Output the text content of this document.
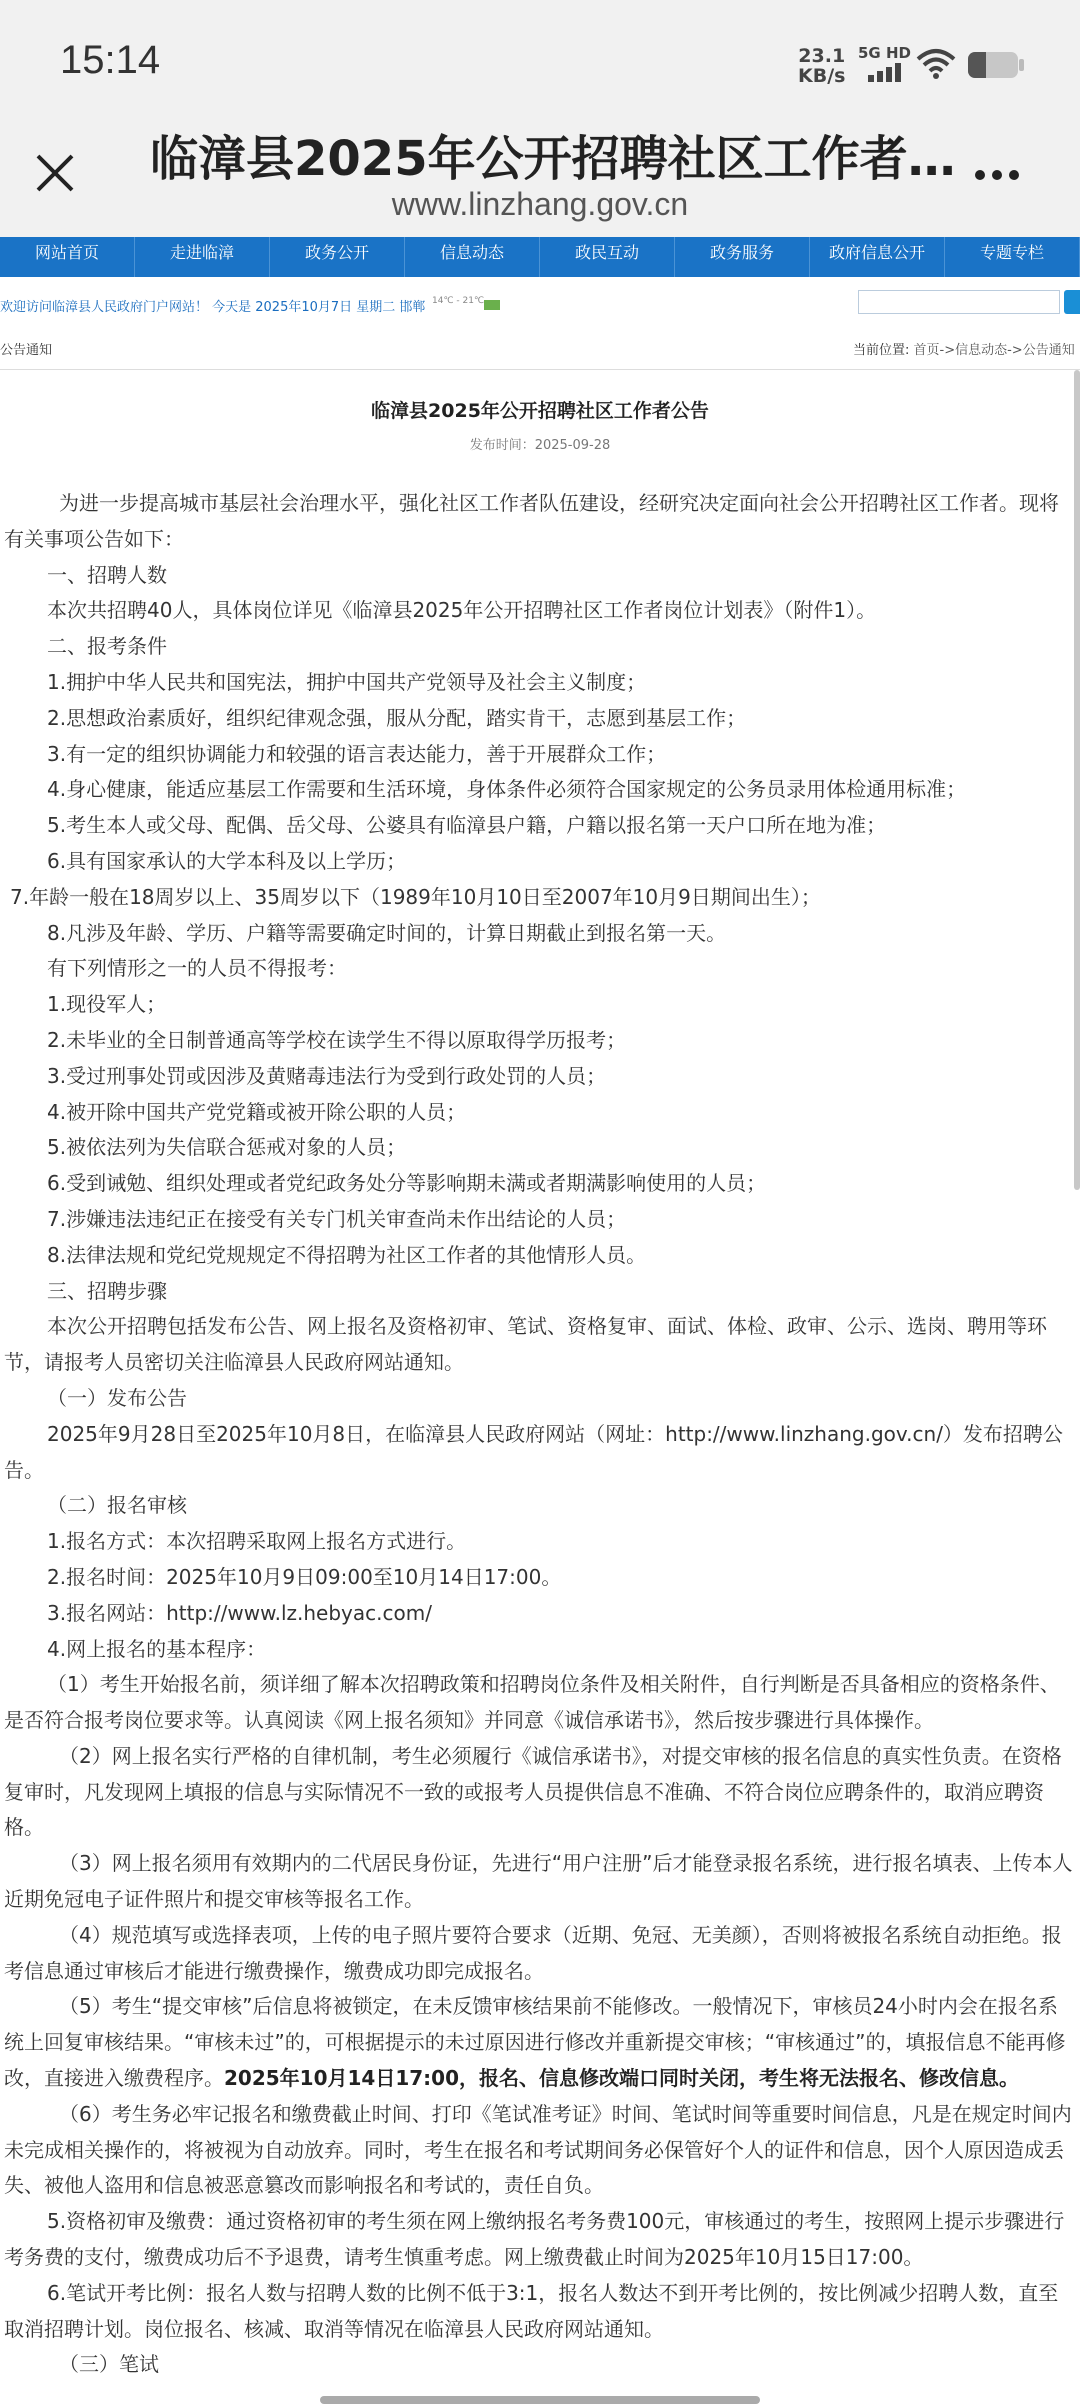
15:14	23.1
KB/s
5G HD
临漳县2025年公开招聘社区工作者…
www.linzhang.gov.cn
网站首页	走进临漳	政务公开	信息动态	政民互动	政务服务	政府信息公开	专题专栏
欢迎访问临漳县人民政府门户网站！ 今天是 2025年10月7日 星期二 邯郸 14℃ - 21℃
公告通知	当前位置: 首页->信息动态->公告通知
临漳县2025年公开招聘社区工作者公告
发布时间：2025-09-28

为进一步提高城市基层社会治理水平，强化社区工作者队伍建设，经研究决定面向社会公开招聘社区工作者。现将有关事项公告如下：

一、招聘人数

本次共招聘40人，具体岗位详见《临漳县2025年公开招聘社区工作者岗位计划表》（附件1）。

二、报考条件

1.拥护中华人民共和国宪法，拥护中国共产党领导及社会主义制度；

2.思想政治素质好，组织纪律观念强，服从分配，踏实肯干，志愿到基层工作；

3.有一定的组织协调能力和较强的语言表达能力，善于开展群众工作；

4.身心健康，能适应基层工作需要和生活环境，身体条件必须符合国家规定的公务员录用体检通用标准；

5.考生本人或父母、配偶、岳父母、公婆具有临漳县户籍，户籍以报名第一天户口所在地为准；

6.具有国家承认的大学本科及以上学历；

7.年龄一般在18周岁以上、35周岁以下（1989年10月10日至2007年10月9日期间出生）；

8.凡涉及年龄、学历、户籍等需要确定时间的，计算日期截止到报名第一天。

有下列情形之一的人员不得报考：

1.现役军人；

2.未毕业的全日制普通高等学校在读学生不得以原取得学历报考；

3.受过刑事处罚或因涉及黄赌毒违法行为受到行政处罚的人员；

4.被开除中国共产党党籍或被开除公职的人员；

5.被依法列为失信联合惩戒对象的人员；

6.受到诫勉、组织处理或者党纪政务处分等影响期未满或者期满影响使用的人员；

7.涉嫌违法违纪正在接受有关专门机关审查尚未作出结论的人员；

8.法律法规和党纪党规规定不得招聘为社区工作者的其他情形人员。

三、招聘步骤

本次公开招聘包括发布公告、网上报名及资格初审、笔试、资格复审、面试、体检、政审、公示、选岗、聘用等环节，请报考人员密切关注临漳县人民政府网站通知。

（一）发布公告

2025年9月28日至2025年10月8日，在临漳县人民政府网站（网址：http://www.linzhang.gov.cn/）发布招聘公告。

（二）报名审核

1.报名方式：本次招聘采取网上报名方式进行。

2.报名时间：2025年10月9日09:00至10月14日17:00。

3.报名网站：http://www.lz.hebyac.com/

4.网上报名的基本程序：

（1）考生开始报名前，须详细了解本次招聘政策和招聘岗位条件及相关附件，自行判断是否具备相应的资格条件、是否符合报考岗位要求等。认真阅读《网上报名须知》并同意《诚信承诺书》，然后按步骤进行具体操作。

（2）网上报名实行严格的自律机制，考生必须履行《诚信承诺书》，对提交审核的报名信息的真实性负责。在资格复审时，凡发现网上填报的信息与实际情况不一致的或报考人员提供信息不准确、不符合岗位应聘条件的，取消应聘资格。

（3）网上报名须用有效期内的二代居民身份证，先进行“用户注册”后才能登录报名系统，进行报名填表、上传本人近期免冠电子证件照片和提交审核等报名工作。

（4）规范填写或选择表项，上传的电子照片要符合要求（近期、免冠、无美颜），否则将被报名系统自动拒绝。报考信息通过审核后才能进行缴费操作，缴费成功即完成报名。

（5）考生“提交审核”后信息将被锁定，在未反馈审核结果前不能修改。一般情况下，审核员24小时内会在报名系统上回复审核结果。“审核未过”的，可根据提示的未过原因进行修改并重新提交审核；“审核通过”的，填报信息不能再修改，直接进入缴费程序。2025年10月14日17:00，报名、信息修改端口同时关闭，考生将无法报名、修改信息。

（6）考生务必牢记报名和缴费截止时间、打印《笔试准考证》时间、笔试时间等重要时间信息，凡是在规定时间内未完成相关操作的，将被视为自动放弃。同时，考生在报名和考试期间务必保管好个人的证件和信息，因个人原因造成丢失、被他人盗用和信息被恶意篡改而影响报名和考试的，责任自负。

5.资格初审及缴费：通过资格初审的考生须在网上缴纳报名考务费100元，审核通过的考生，按照网上提示步骤进行考务费的支付，缴费成功后不予退费，请考生慎重考虑。网上缴费截止时间为2025年10月15日17:00。

6.笔试开考比例：报名人数与招聘人数的比例不低于3:1，报名人数达不到开考比例的，按比例减少招聘人数，直至取消招聘计划。岗位报名、核减、取消等情况在临漳县人民政府网站通知。

（三）笔试
